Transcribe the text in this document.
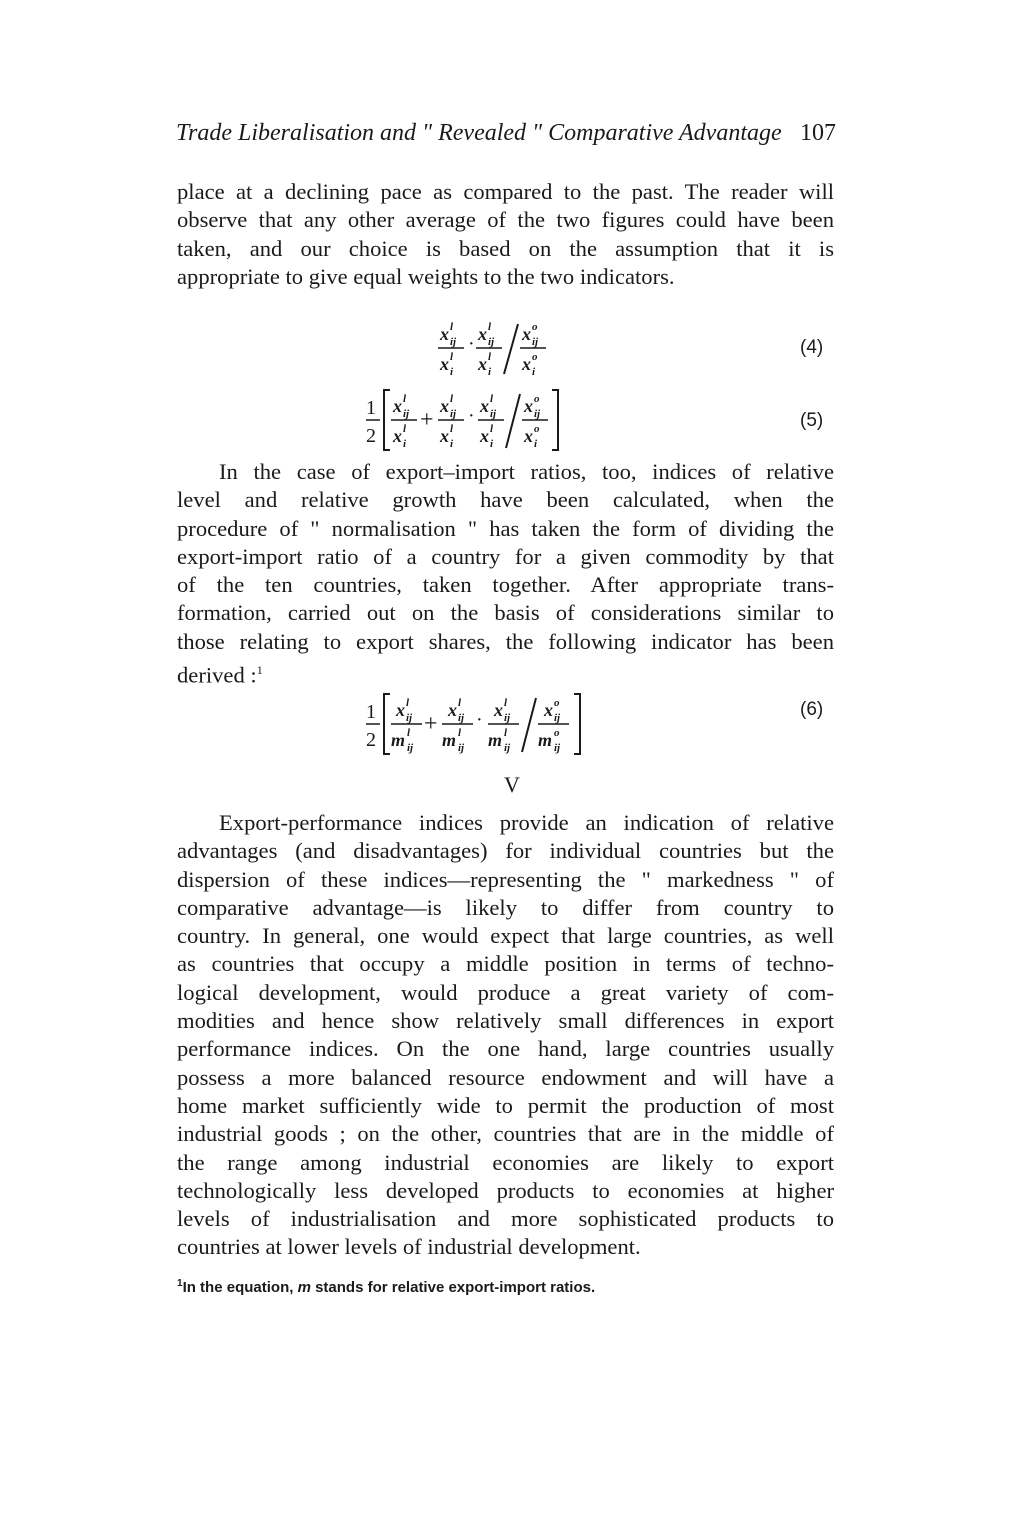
Trade Liberalisation and " Revealed " Comparative Advantage 107
place at a declining pace as compared to the past. The reader will
observe that any other average of the two figures could have been
taken, and our choice is based on the assumption that it is
appropriate to give equal weights to the two indicators.
x l
ij
x l
i
· x l
ij
x l
i
x o
ij
x o
i
(4)
1
2
x l
ij
x l
i
+
x l
ij
x l
i
· x l
ij
x l
i
x o
ij
x o
i
(5)
In the case of export–import ratios, too, indices of relative
level and relative growth have been calculated, when the
procedure of " normalisation " has taken the form of dividing the
export-import ratio of a country for a given commodity by that
of the ten countries, taken together. After appropriate trans-
formation, carried out on the basis of considerations similar to
those relating to export shares, the following indicator has been
derived :$^1$
1
2
x l
ij
m l
ij
+
x l
ij
m l
ij
· x l
ij
m l
ij
x o
ij
m o
ij
(6)
V
Export-performance indices provide an indication of relative
advantages (and disadvantages) for individual countries but the
dispersion of these indices—representing the " markedness " of
comparative advantage—is likely to differ from country to
country. In general, one would expect that large countries, as well
as countries that occupy a middle position in terms of techno-
logical development, would produce a great variety of com-
modities and hence show relatively small differences in export
performance indices. On the one hand, large countries usually
possess a more balanced resource endowment and will have a
home market sufficiently wide to permit the production of most
industrial goods ; on the other, countries that are in the middle of
the range among industrial economies are likely to export
technologically less developed products to economies at higher
levels of industrialisation and more sophisticated products to
countries at lower levels of industrial development.
$^1$In the equation, m stands for relative export-import ratios.
